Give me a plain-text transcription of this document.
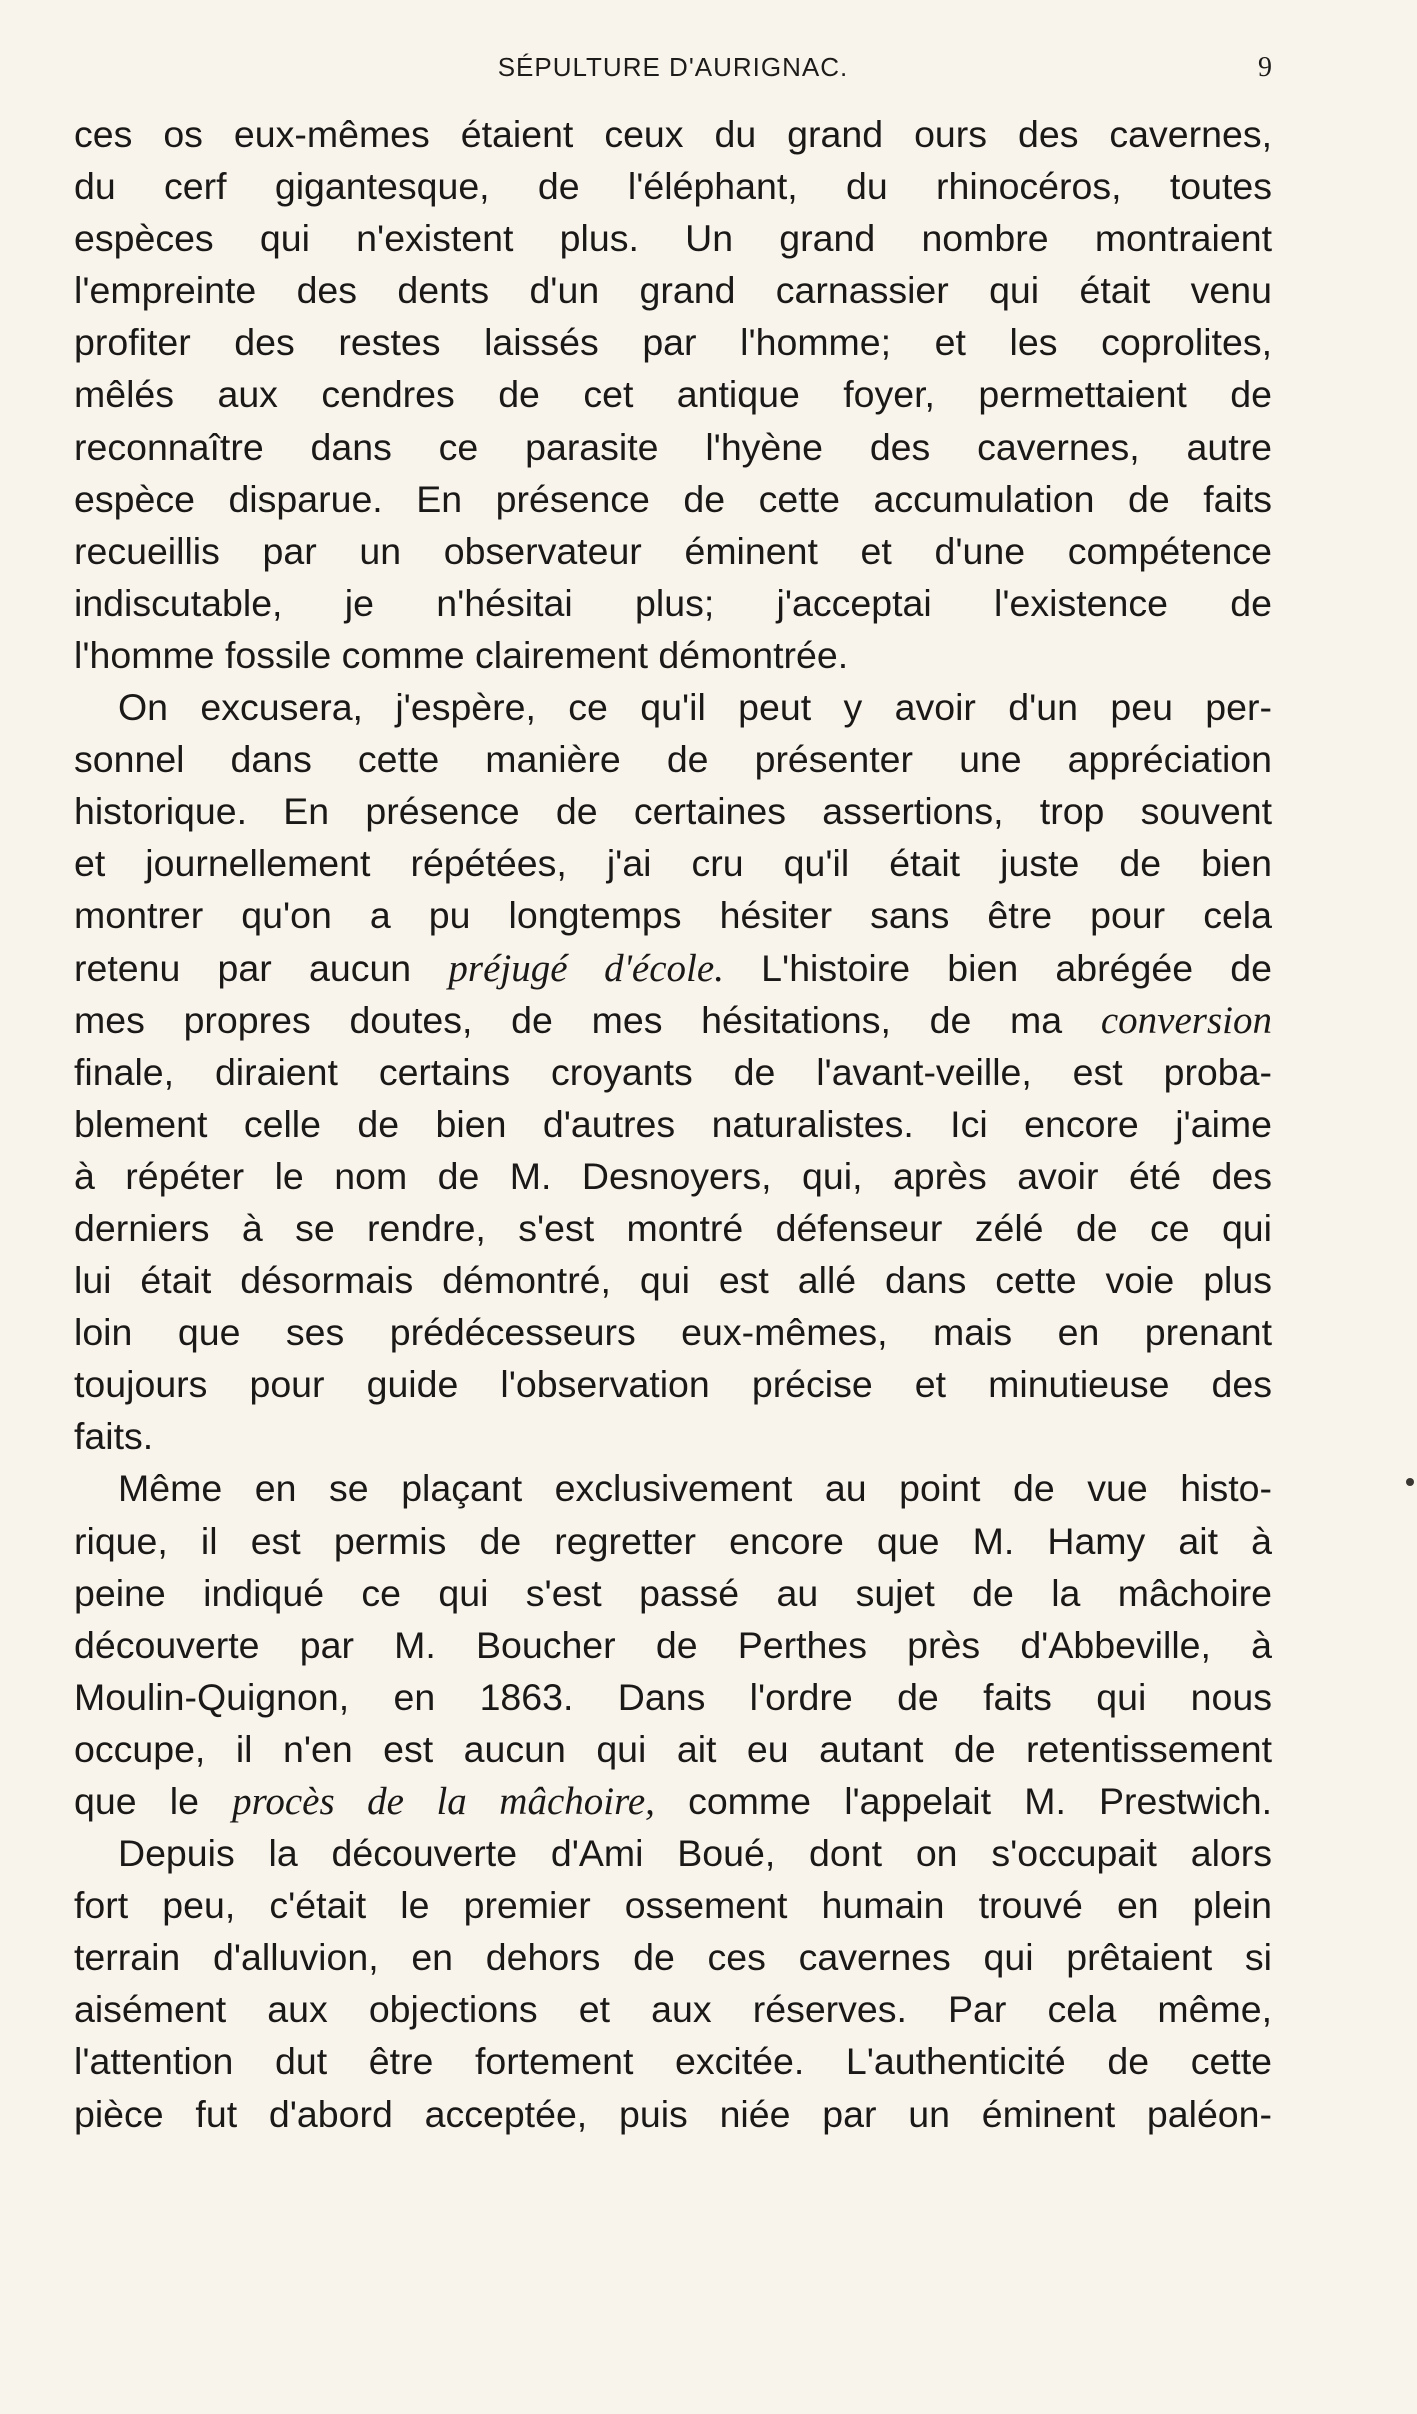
SÉPULTURE D'AURIGNAC.	9
ces os eux-mêmes étaient ceux du grand ours des cavernes,
du cerf gigantesque, de l'éléphant, du rhinocéros, toutes
espèces qui n'existent plus. Un grand nombre montraient
l'empreinte des dents d'un grand carnassier qui était venu
profiter des restes laissés par l'homme; et les coprolites,
mêlés aux cendres de cet antique foyer, permettaient de
reconnaître dans ce parasite l'hyène des cavernes, autre
espèce disparue. En présence de cette accumulation de faits
recueillis par un observateur éminent et d'une compétence
indiscutable, je n'hésitai plus; j'acceptai l'existence de
l'homme fossile comme clairement démontrée.
On excusera, j'espère, ce qu'il peut y avoir d'un peu per-
sonnel dans cette manière de présenter une appréciation
historique. En présence de certaines assertions, trop souvent
et journellement répétées, j'ai cru qu'il était juste de bien
montrer qu'on a pu longtemps hésiter sans être pour cela
retenu par aucun préjugé d'école. L'histoire bien abrégée de
mes propres doutes, de mes hésitations, de ma conversion
finale, diraient certains croyants de l'avant-veille, est proba-
blement celle de bien d'autres naturalistes. Ici encore j'aime
à répéter le nom de M. Desnoyers, qui, après avoir été des
derniers à se rendre, s'est montré défenseur zélé de ce qui
lui était désormais démontré, qui est allé dans cette voie plus
loin que ses prédécesseurs eux-mêmes, mais en prenant
toujours pour guide l'observation précise et minutieuse des
faits.
Même en se plaçant exclusivement au point de vue histo-
rique, il est permis de regretter encore que M. Hamy ait à
peine indiqué ce qui s'est passé au sujet de la mâchoire
découverte par M. Boucher de Perthes près d'Abbeville, à
Moulin-Quignon, en 1863. Dans l'ordre de faits qui nous
occupe, il n'en est aucun qui ait eu autant de retentissement
que le procès de la mâchoire, comme l'appelait M. Prestwich.
Depuis la découverte d'Ami Boué, dont on s'occupait alors
fort peu, c'était le premier ossement humain trouvé en plein
terrain d'alluvion, en dehors de ces cavernes qui prêtaient si
aisément aux objections et aux réserves. Par cela même,
l'attention dut être fortement excitée. L'authenticité de cette
pièce fut d'abord acceptée, puis niée par un éminent paléon-
